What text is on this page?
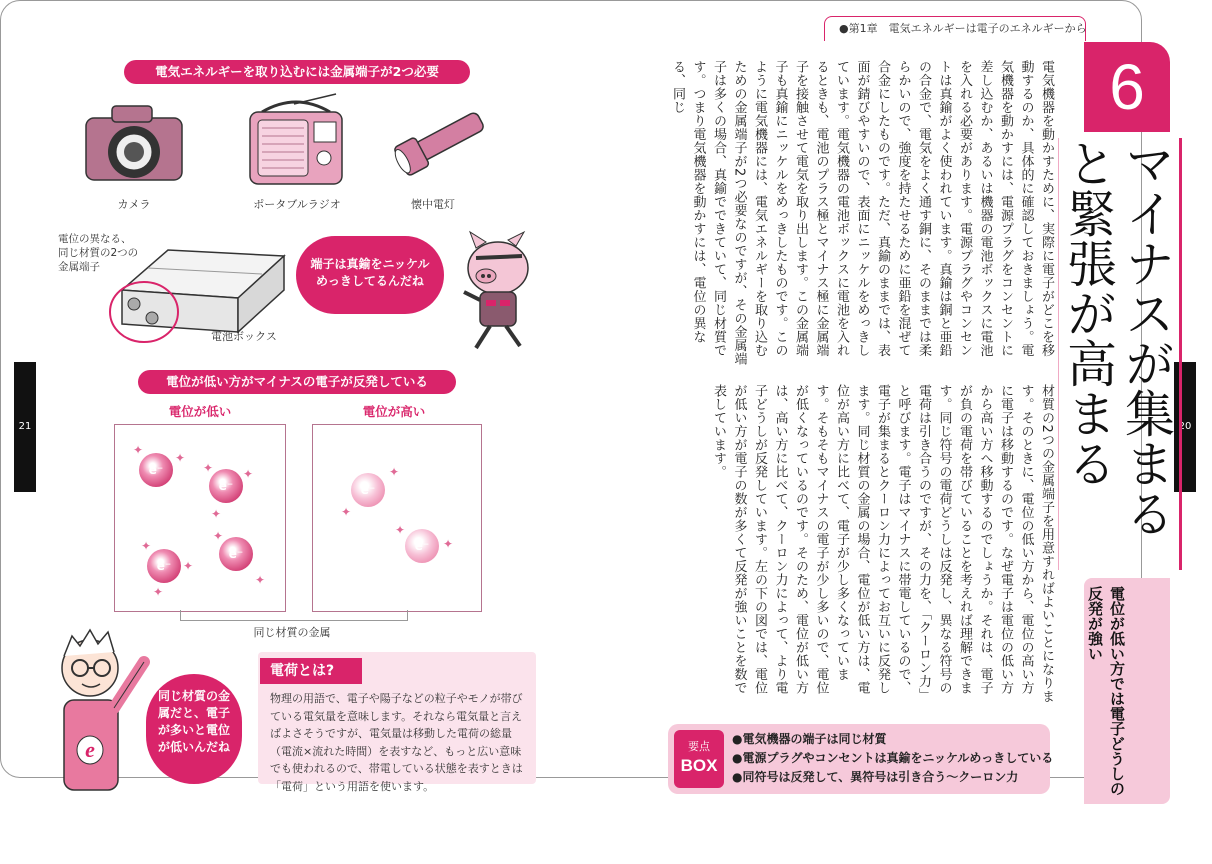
●第1章　電気エネルギーは電子のエネルギーから
21	20
6
マイナスが集まると緊張が高まる
電位が低い方では電子どうしの反発が強い
電気機器を動かすために、実際に電子がどこを移動するのか、具体的に確認しておきましょう。電気機器を動かすには、電源プラグをコンセントに差し込むか、あるいは機器の電池ボックスに電池を入れる必要があります。電源プラグやコンセントは真鍮がよく使われています。真鍮は銅と亜鉛の合金で、電気をよく通す銅に、そのままでは柔らかいので、強度を持たせるために亜鉛を混ぜて合金にしたものです。ただ、真鍮のままでは、表面が錆びやすいので、表面にニッケルをめっきしています。電気機器の電池ボックスに電池を入れるときも、電池のプラス極とマイナス極に金属端子を接触させて電気を取り出します。この金属端子も真鍮にニッケルをめっきしたものです。このように電気機器には、電気エネルギーを取り込むための金属端子が2つ必要なのですが、その金属端子は多くの場合、真鍮でできていて、同じ材質です。つまり電気機器を動かすには、電位の異なる、同じ
材質の2つの金属端子を用意すればよいことになります。そのときに、電位の低い方から、電位の高い方に電子は移動するのです。なぜ電子は電位の低い方から高い方へ移動するのでしょうか。それは、電子が負の電荷を帯びていることを考えれば理解できます。同じ符号の電荷どうしは反発し、異なる符号の電荷は引き合うのですが、その力を、「クーロン力」と呼びます。電子はマイナスに帯電しているので、電子が集まるとクーロン力によってお互いに反発します。同じ材質の金属の場合、電位が低い方は、電位が高い方に比べて、電子が少し多くなっています。そもそもマイナスの電子が少し多いので、電位が低くなっているのです。そのため、電位が低い方は、高い方に比べて、クーロン力によって、より電子どうしが反発しています。左の下の図では、電位が低い方が電子の数が多くて反発が強いことを数で表しています。
要点
BOX
●電気機器の端子は同じ材質
●電源プラグやコンセントは真鍮をニッケルめっきしている
●同符号は反発して、異符号は引き合う〜クーロン力
電気エネルギーを取り込むには金属端子が2つ必要
カメラ	ポータブルラジオ	懐中電灯
電位の異なる、同じ材質の2つの金属端子
電池ボックス
端子は真鍮をニッケルめっきしてるんだね
電位が低い方がマイナスの電子が反発している
電位が低い	電位が高い
e⁻
e⁻
e⁻
e⁻
✦
✦
✦ ✦
✦
✦
✦
✦
✦
✦
e⁻
e⁻
✦
✦
✦
✦
同じ材質の金属
e
同じ材質の金属だと、電子が多いと電位が低いんだね
電荷とは?
物理の用語で、電子や陽子などの粒子やモノが帯びている電気量を意味します。それなら電気量と言えばよさそうですが、電気量は移動した電荷の総量（電流×流れた時間）を表すなど、もっと広い意味でも使われるので、帯電している状態を表すときは「電荷」という用語を使います。
